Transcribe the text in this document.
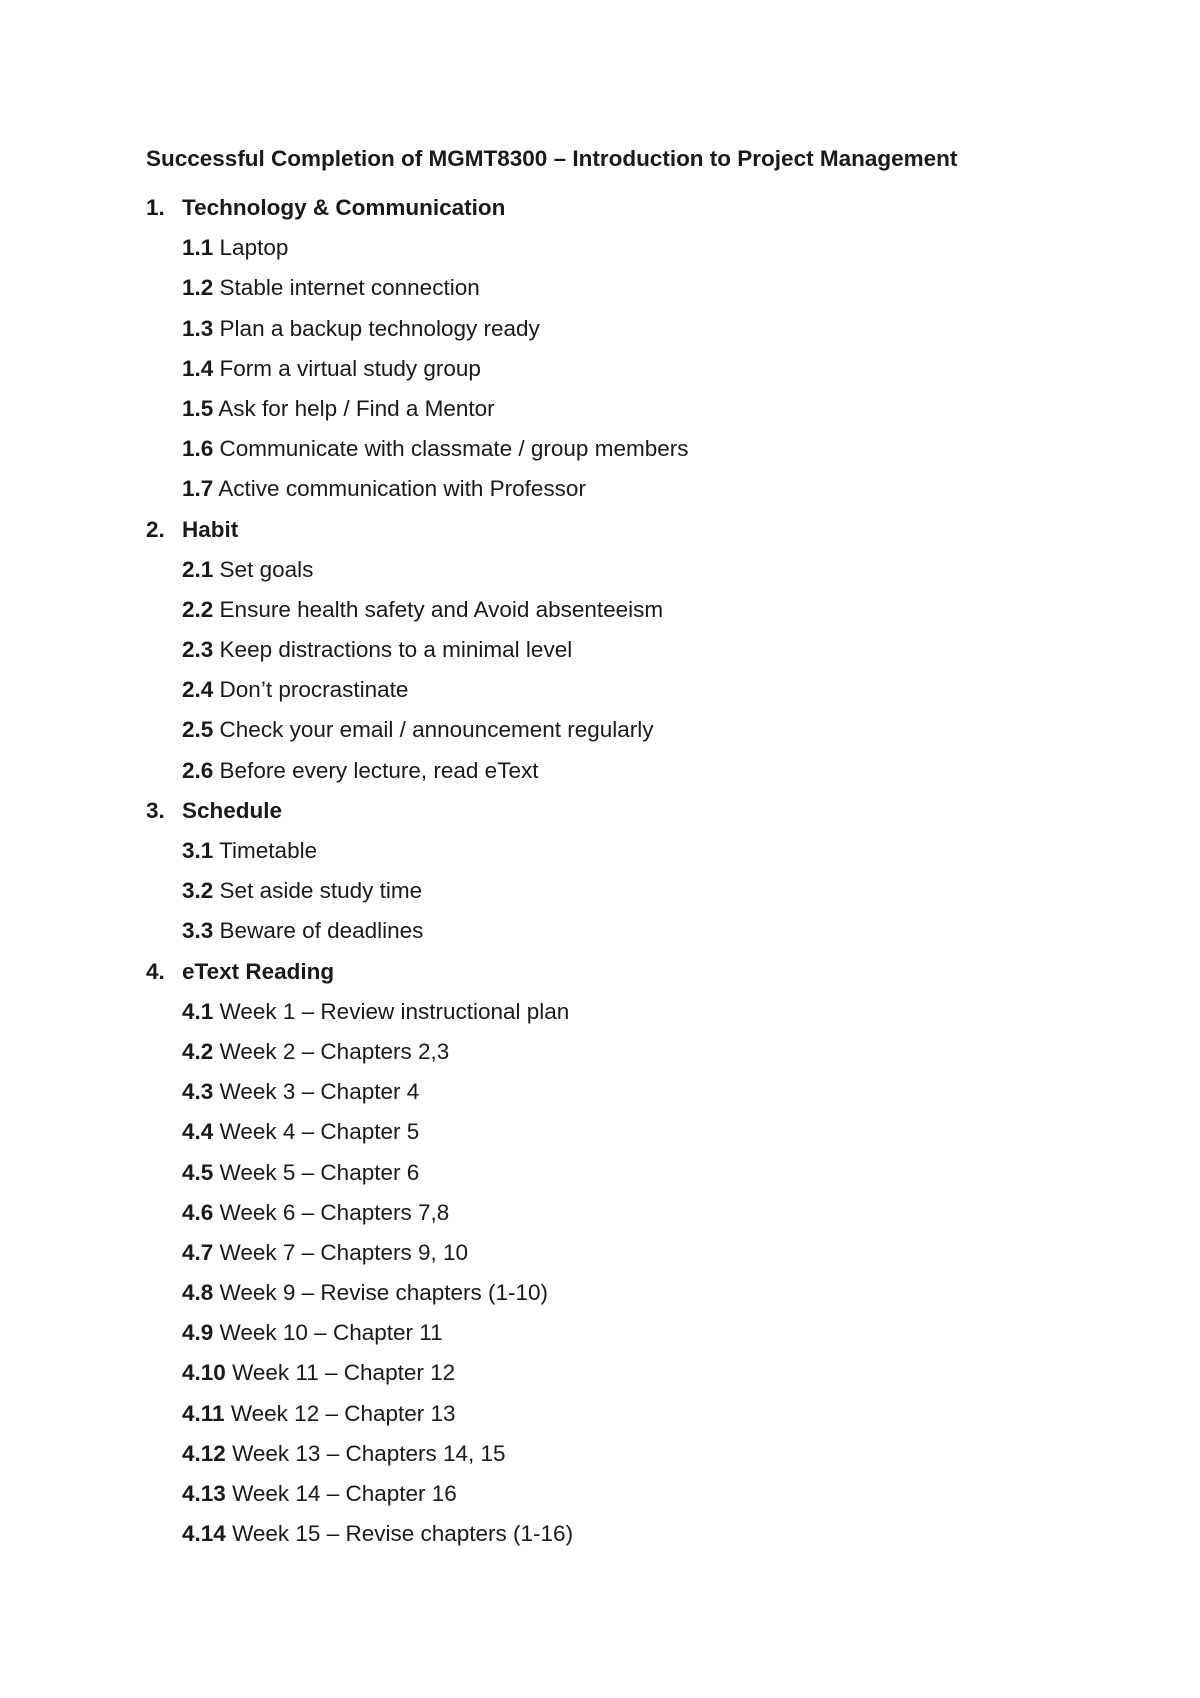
Successful Completion of MGMT8300 – Introduction to Project Management
1. Technology & Communication
1.1 Laptop
1.2 Stable internet connection
1.3 Plan a backup technology ready
1.4 Form a virtual study group
1.5 Ask for help / Find a Mentor
1.6 Communicate with classmate / group members
1.7 Active communication with Professor
2. Habit
2.1 Set goals
2.2 Ensure health safety and Avoid absenteeism
2.3 Keep distractions to a minimal level
2.4 Don’t procrastinate
2.5 Check your email / announcement regularly
2.6 Before every lecture, read eText
3. Schedule
3.1 Timetable
3.2 Set aside study time
3.3 Beware of deadlines
4. eText Reading
4.1 Week 1 – Review instructional plan
4.2 Week 2 – Chapters 2,3
4.3 Week 3 – Chapter 4
4.4 Week 4 – Chapter 5
4.5 Week 5 – Chapter 6
4.6 Week 6 – Chapters 7,8
4.7 Week 7 – Chapters 9, 10
4.8 Week 9 – Revise chapters (1-10)
4.9 Week 10 – Chapter 11
4.10 Week 11 – Chapter 12
4.11 Week 12 – Chapter 13
4.12 Week 13 – Chapters 14, 15
4.13 Week 14 – Chapter 16
4.14 Week 15 – Revise chapters (1-16)
